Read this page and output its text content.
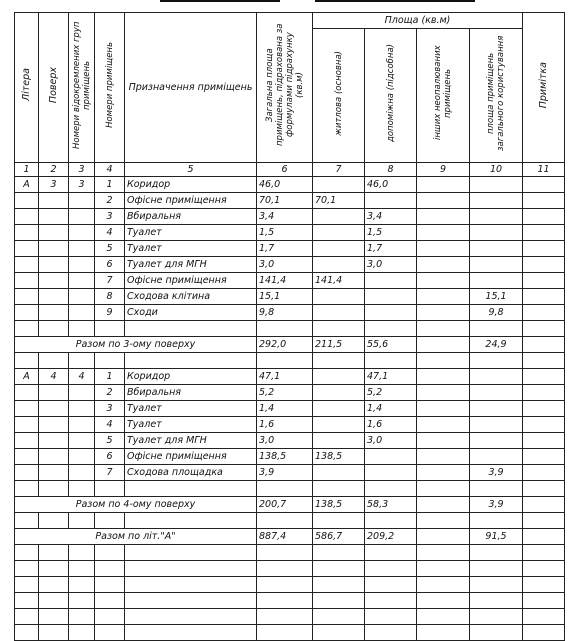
Літера	Поверх	Номери відокремлених груп приміщень	Номери приміщень	Призначення приміщень	Загальна площа приміщень, підрахована за формулами підрахунку (кв.м)	Площа (кв.м)				Примітка
						житлова (основна)	допоміжна (підсобна)	інших неопалюваних приміщень	площа приміщень загального користування	
1	2	3	4	5	6	7	8	9	10	11
А	3	3	1	Коридор	46,0		46,0			
			2	Офісне приміщення	70,1	70,1				
			3	Вбиральня	3,4		3,4			
			4	Туалет	1,5		1,5			
			5	Туалет	1,7		1,7			
			6	Туалет для МГН	3,0		3,0			
			7	Офісне приміщення	141,4	141,4				
			8	Сходова клітина	15,1				15,1	
			9	Сходи	9,8				9,8	

Разом по 3-ому поверху					292,0	211,5	55,6		24,9	

А	4	4	1	Коридор	47,1		47,1			
			2	Вбиральня	5,2		5,2			
			3	Туалет	1,4		1,4			
			4	Туалет	1,6		1,6			
			5	Туалет для МГН	3,0		3,0			
			6	Офісне приміщення	138,5	138,5				
			7	Сходова площадка	3,9				3,9	

Разом по 4-ому поверху					200,7	138,5	58,3		3,9	

Разом по літ."А"					887,4	586,7	209,2		91,5	
